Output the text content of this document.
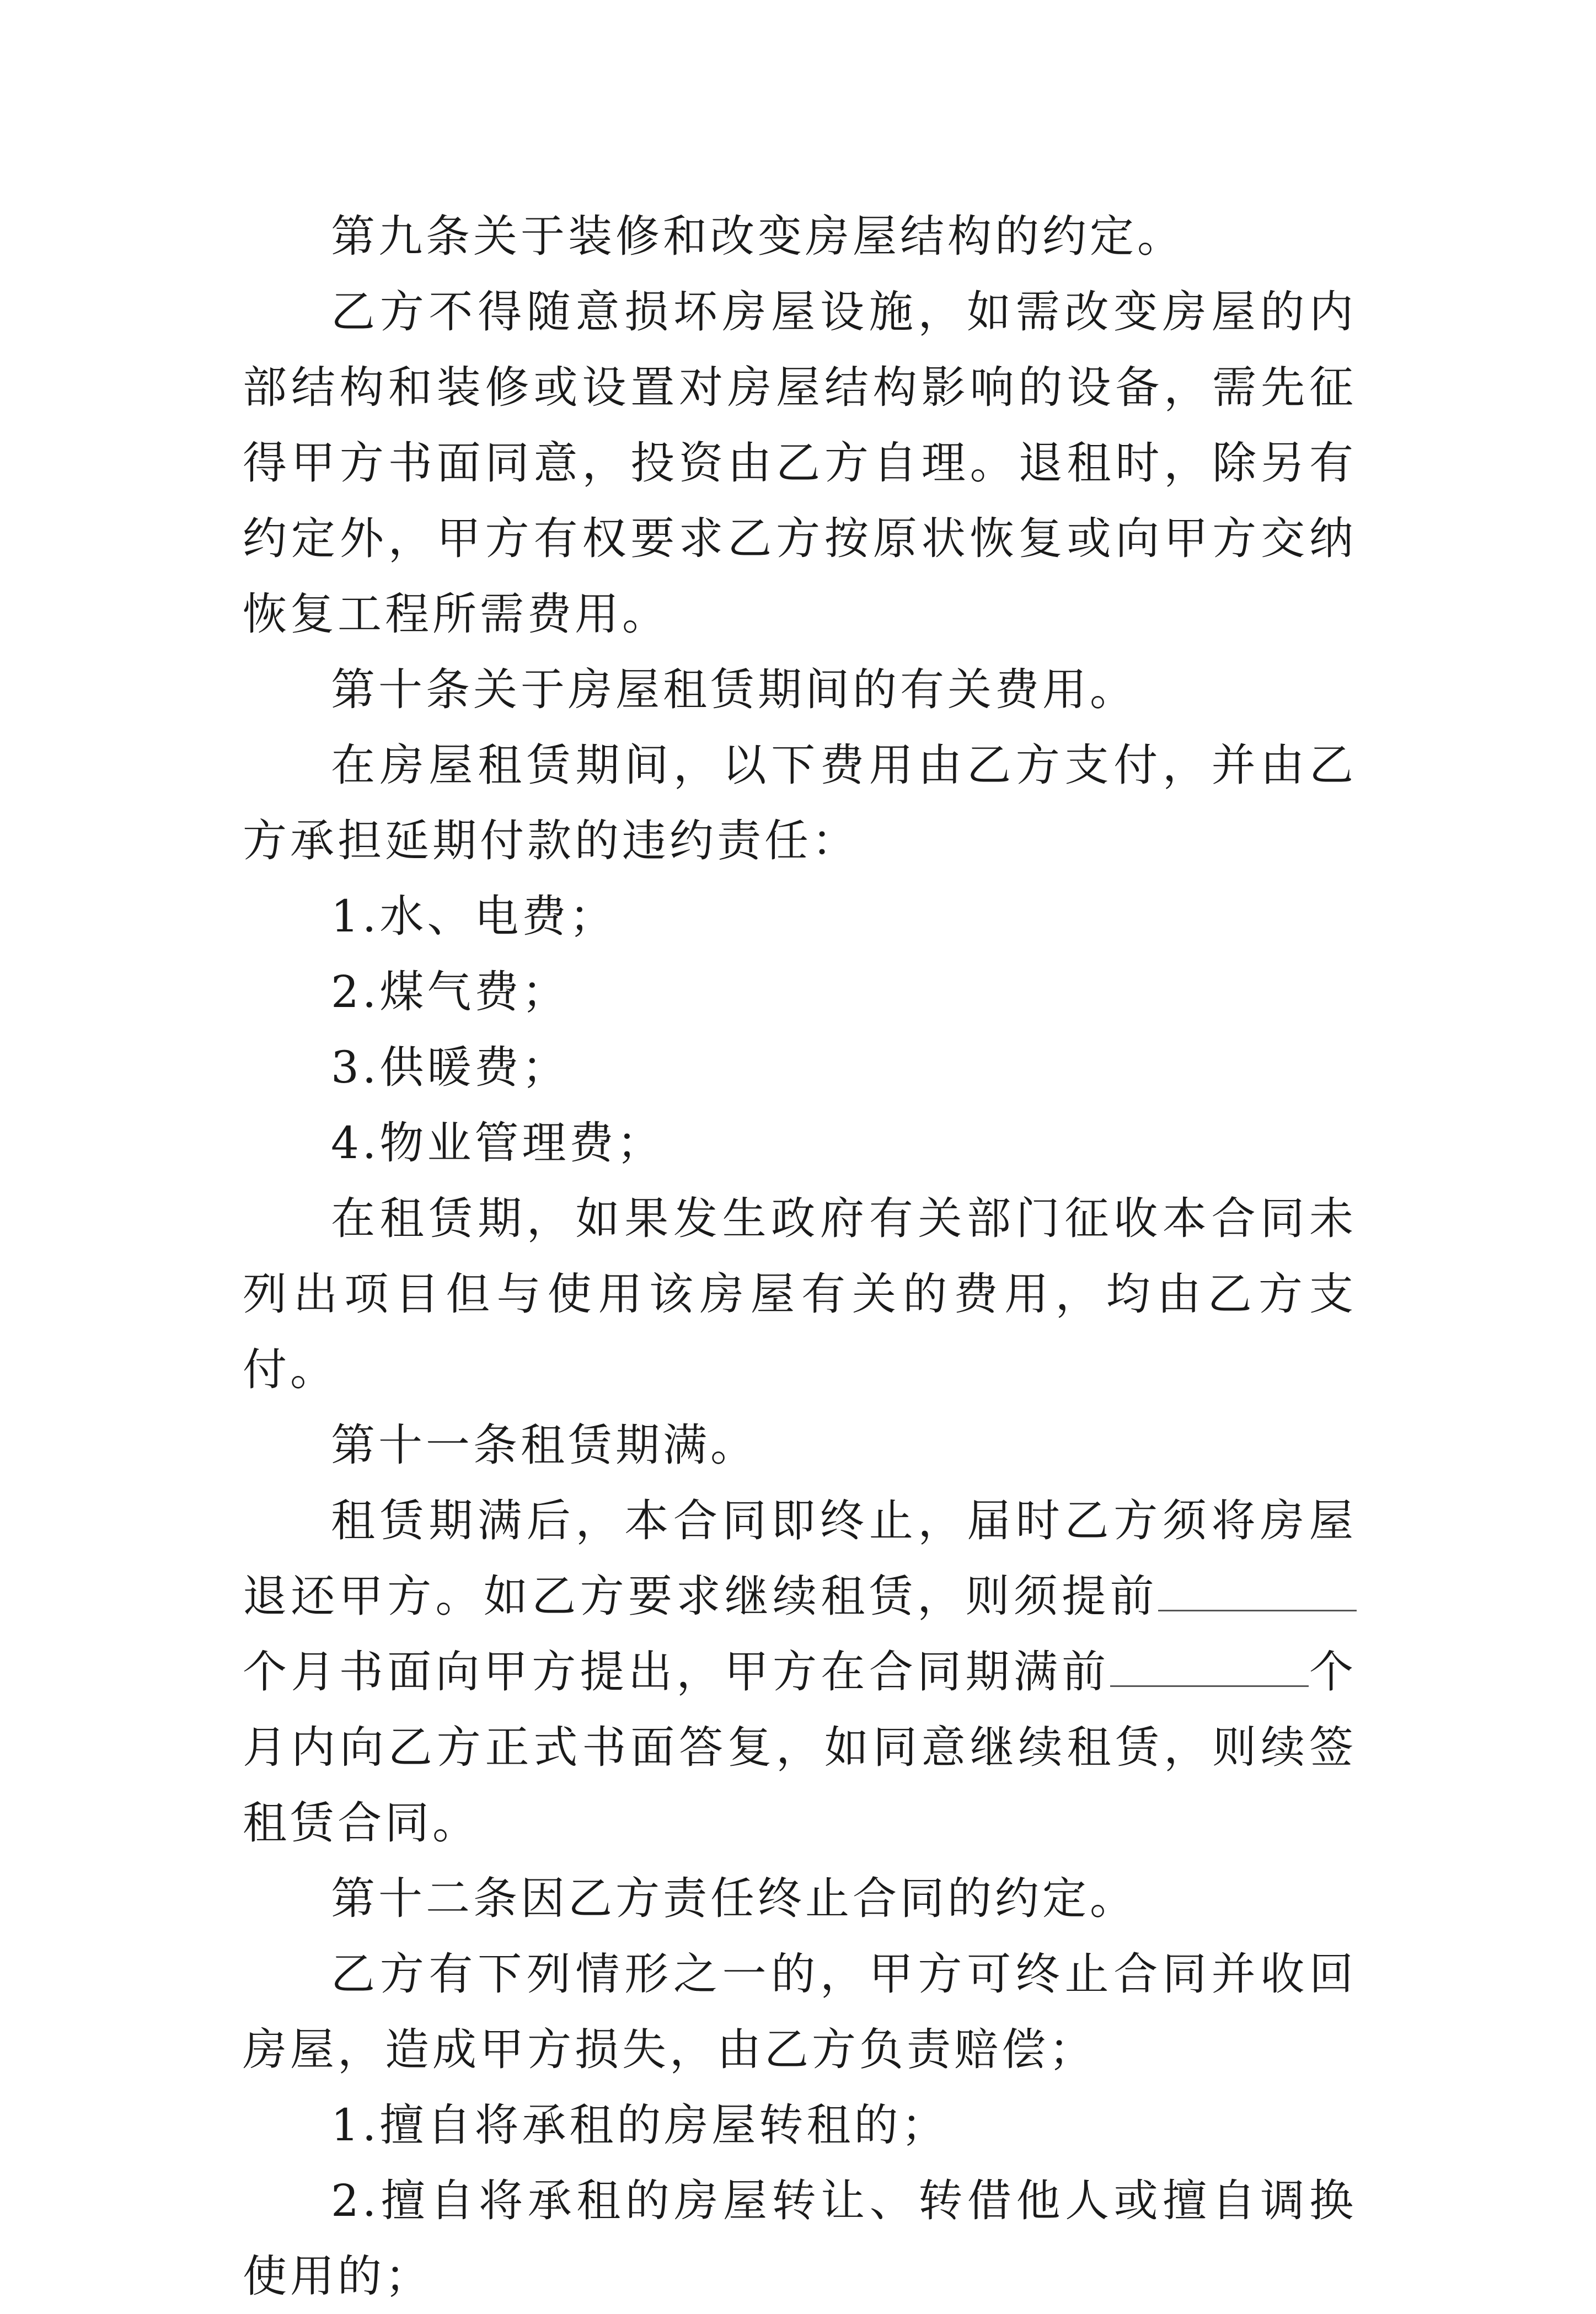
第九条关于装修和改变房屋结构的约定。

乙方不得随意损坏房屋设施，如需改变房屋的内部结构和装修或设置对房屋结构影响的设备，需先征得甲方书面同意，投资由乙方自理。退租时，除另有约定外，甲方有权要求乙方按原状恢复或向甲方交纳恢复工程所需费用。

第十条关于房屋租赁期间的有关费用。

在房屋租赁期间，以下费用由乙方支付，并由乙方承担延期付款的违约责任：

1.水、电费；

2.煤气费；

3.供暖费；

4.物业管理费；

在租赁期，如果发生政府有关部门征收本合同未列出项目但与使用该房屋有关的费用，均由乙方支付。

第十一条租赁期满。

租赁期满后，本合同即终止，届时乙方须将房屋退还甲方。如乙方要求继续租赁，则须提前个月书面向甲方提出，甲方在合同期满前	个月内向乙方正式书面答复，如同意继续租赁，则续签租赁合同。

第十二条因乙方责任终止合同的约定。

乙方有下列情形之一的，甲方可终止合同并收回房屋，造成甲方损失，由乙方负责赔偿；

1.擅自将承租的房屋转租的；

2.擅自将承租的房屋转让、转借他人或擅自调换使用的；
